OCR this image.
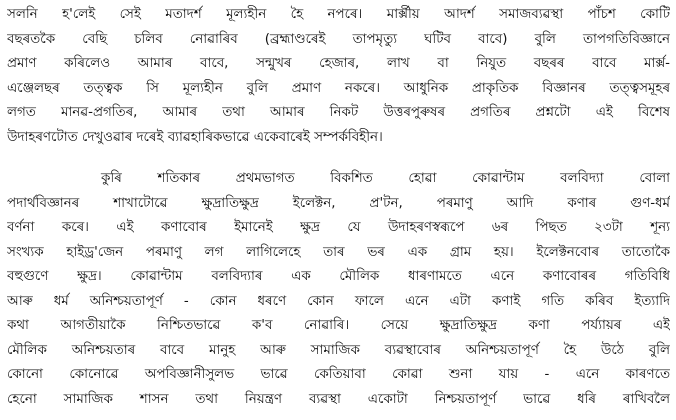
সলনি হ'লেই সেই মতাদৰ্শ মূল্যহীন হৈ নপৰে। মাৰ্ক্সীয় আদৰ্শ সমাজব্যৱস্থা পাঁচশ কোটি
বছৰতকৈ বেছি চলিব নোৱাৰিব (ব্ৰহ্মাণ্ডৰেই তাপমৃত্যু ঘটিব বাবে) বুলি তাপগতিবিজ্ঞানে
প্ৰমাণ কৰিলেও আমাৰ বাবে, সন্মুখৰ হেজাৰ, লাখ বা নিযুত বছৰৰ বাবে মাৰ্ক্স-
এঞ্জেলছৰ তত্ত্বক সি মূল্যহীন বুলি প্ৰমাণ নকৰে। আধুনিক প্ৰাকৃতিক বিজ্ঞানৰ তত্ত্বসমূহৰ
লগত মানৱ-প্ৰগতিৰ, আমাৰ তথা আমাৰ নিকট উত্তৰপুৰুষৰ প্ৰগতিৰ প্ৰশ্নটো এই বিশেষ
উদাহৰণটোত দেখুওৱাৰ দৰেই ব্যাৱহাৰিকভাৱে একেবাৰেই সম্পৰ্কবিহীন।
কুৰি শতিকাৰ প্ৰথমভাগত বিকশিত হোৱা কোৱান্টাম বলবিদ্যা বোলা
পদাৰ্থবিজ্ঞানৰ শাখাটোৱে ক্ষুদ্ৰাতিক্ষুদ্ৰ ইলেক্টন, প্ৰ'টন, পৰমাণু আদি কণাৰ গুণ-ধৰ্ম
বৰ্ণনা কৰে। এই কণাবোৰ ইমানেই ক্ষুদ্ৰ যে উদাহৰণস্বৰূপে ৬ৰ পিছত ২৩টা শূন্য
সংখ্যক হাইড্ৰ'জেন পৰমাণু লগ লাগিলেহে তাৰ ভৰ এক গ্ৰাম হয়। ইলেক্টনবোৰ তাতোকৈ
বহুগুণে ক্ষুদ্ৰ। কোৱান্টাম বলবিদ্যাৰ এক মৌলিক ধাৰণামতে এনে কণাবোৰৰ গতিবিধি
আৰু ধৰ্ম অনিশ্চয়তাপূৰ্ণ - কোন ধৰণে কোন ফালে এনে এটা কণাই গতি কৰিব ইত্যাদি
কথা আগতীয়াকৈ নিশ্চিতভাৱে ক'ব নোৱাৰি। সেয়ে ক্ষুদ্ৰাতিক্ষুদ্ৰ কণা পৰ্য্যায়ৰ এই
মৌলিক অনিশ্চয়তাৰ বাবে মানুহ আৰু সামাজিক ব্যৱস্থাবোৰ অনিশ্চয়তাপূৰ্ণ হৈ উঠে বুলি
কোনো কোনোৱে অপবিজ্ঞানীসুলভ ভাৱে কেতিয়াবা কোৱা শুনা যায় - এনে কাৰণতে
হেনো সামাজিক শাসন তথা নিয়ন্ত্ৰণ ব্যৱস্থা একোটা নিশ্চয়তাপূৰ্ণ ভাৱে ধৰি ৰাখিবলৈ
